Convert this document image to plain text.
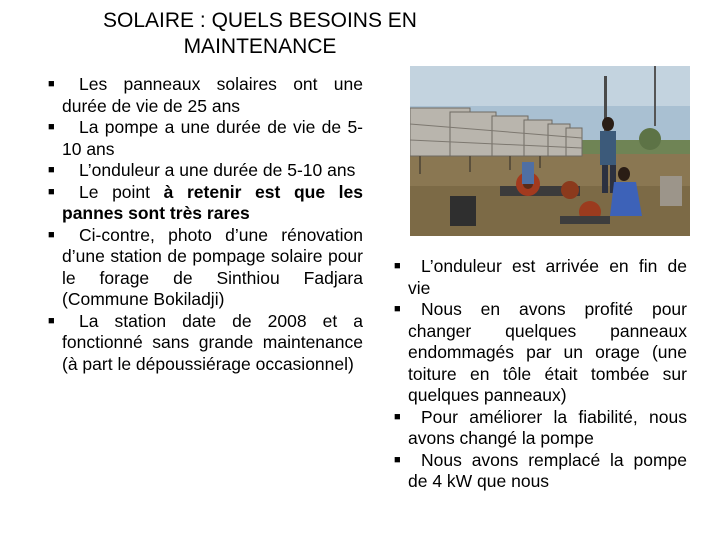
SOLAIRE : QUELS BESOINS EN
MAINTENANCE
■	Les panneaux solaires ont une durée de vie de 25 ans
■	La pompe a une durée de vie de 5-10 ans
■	L’onduleur a une durée de 5-10 ans
■	Le point à retenir est que les pannes sont très rares
■	Ci-contre, photo d’une rénovation d’une station de pompage solaire pour le forage de Sinthiou Fadjara (Commune Bokiladji)
■	La station date de 2008 et a fonctionné sans grande maintenance (à part le dépoussiérage occasionnel)
■	L’onduleur est arrivée en fin de vie
■	Nous en avons profité pour changer quelques panneaux endommagés par un orage (une toiture en tôle était tombée sur quelques panneaux)
■	Pour améliorer la fiabilité, nous avons changé la pompe
■	Nous avons remplacé la pompe de 4 kW que nous
